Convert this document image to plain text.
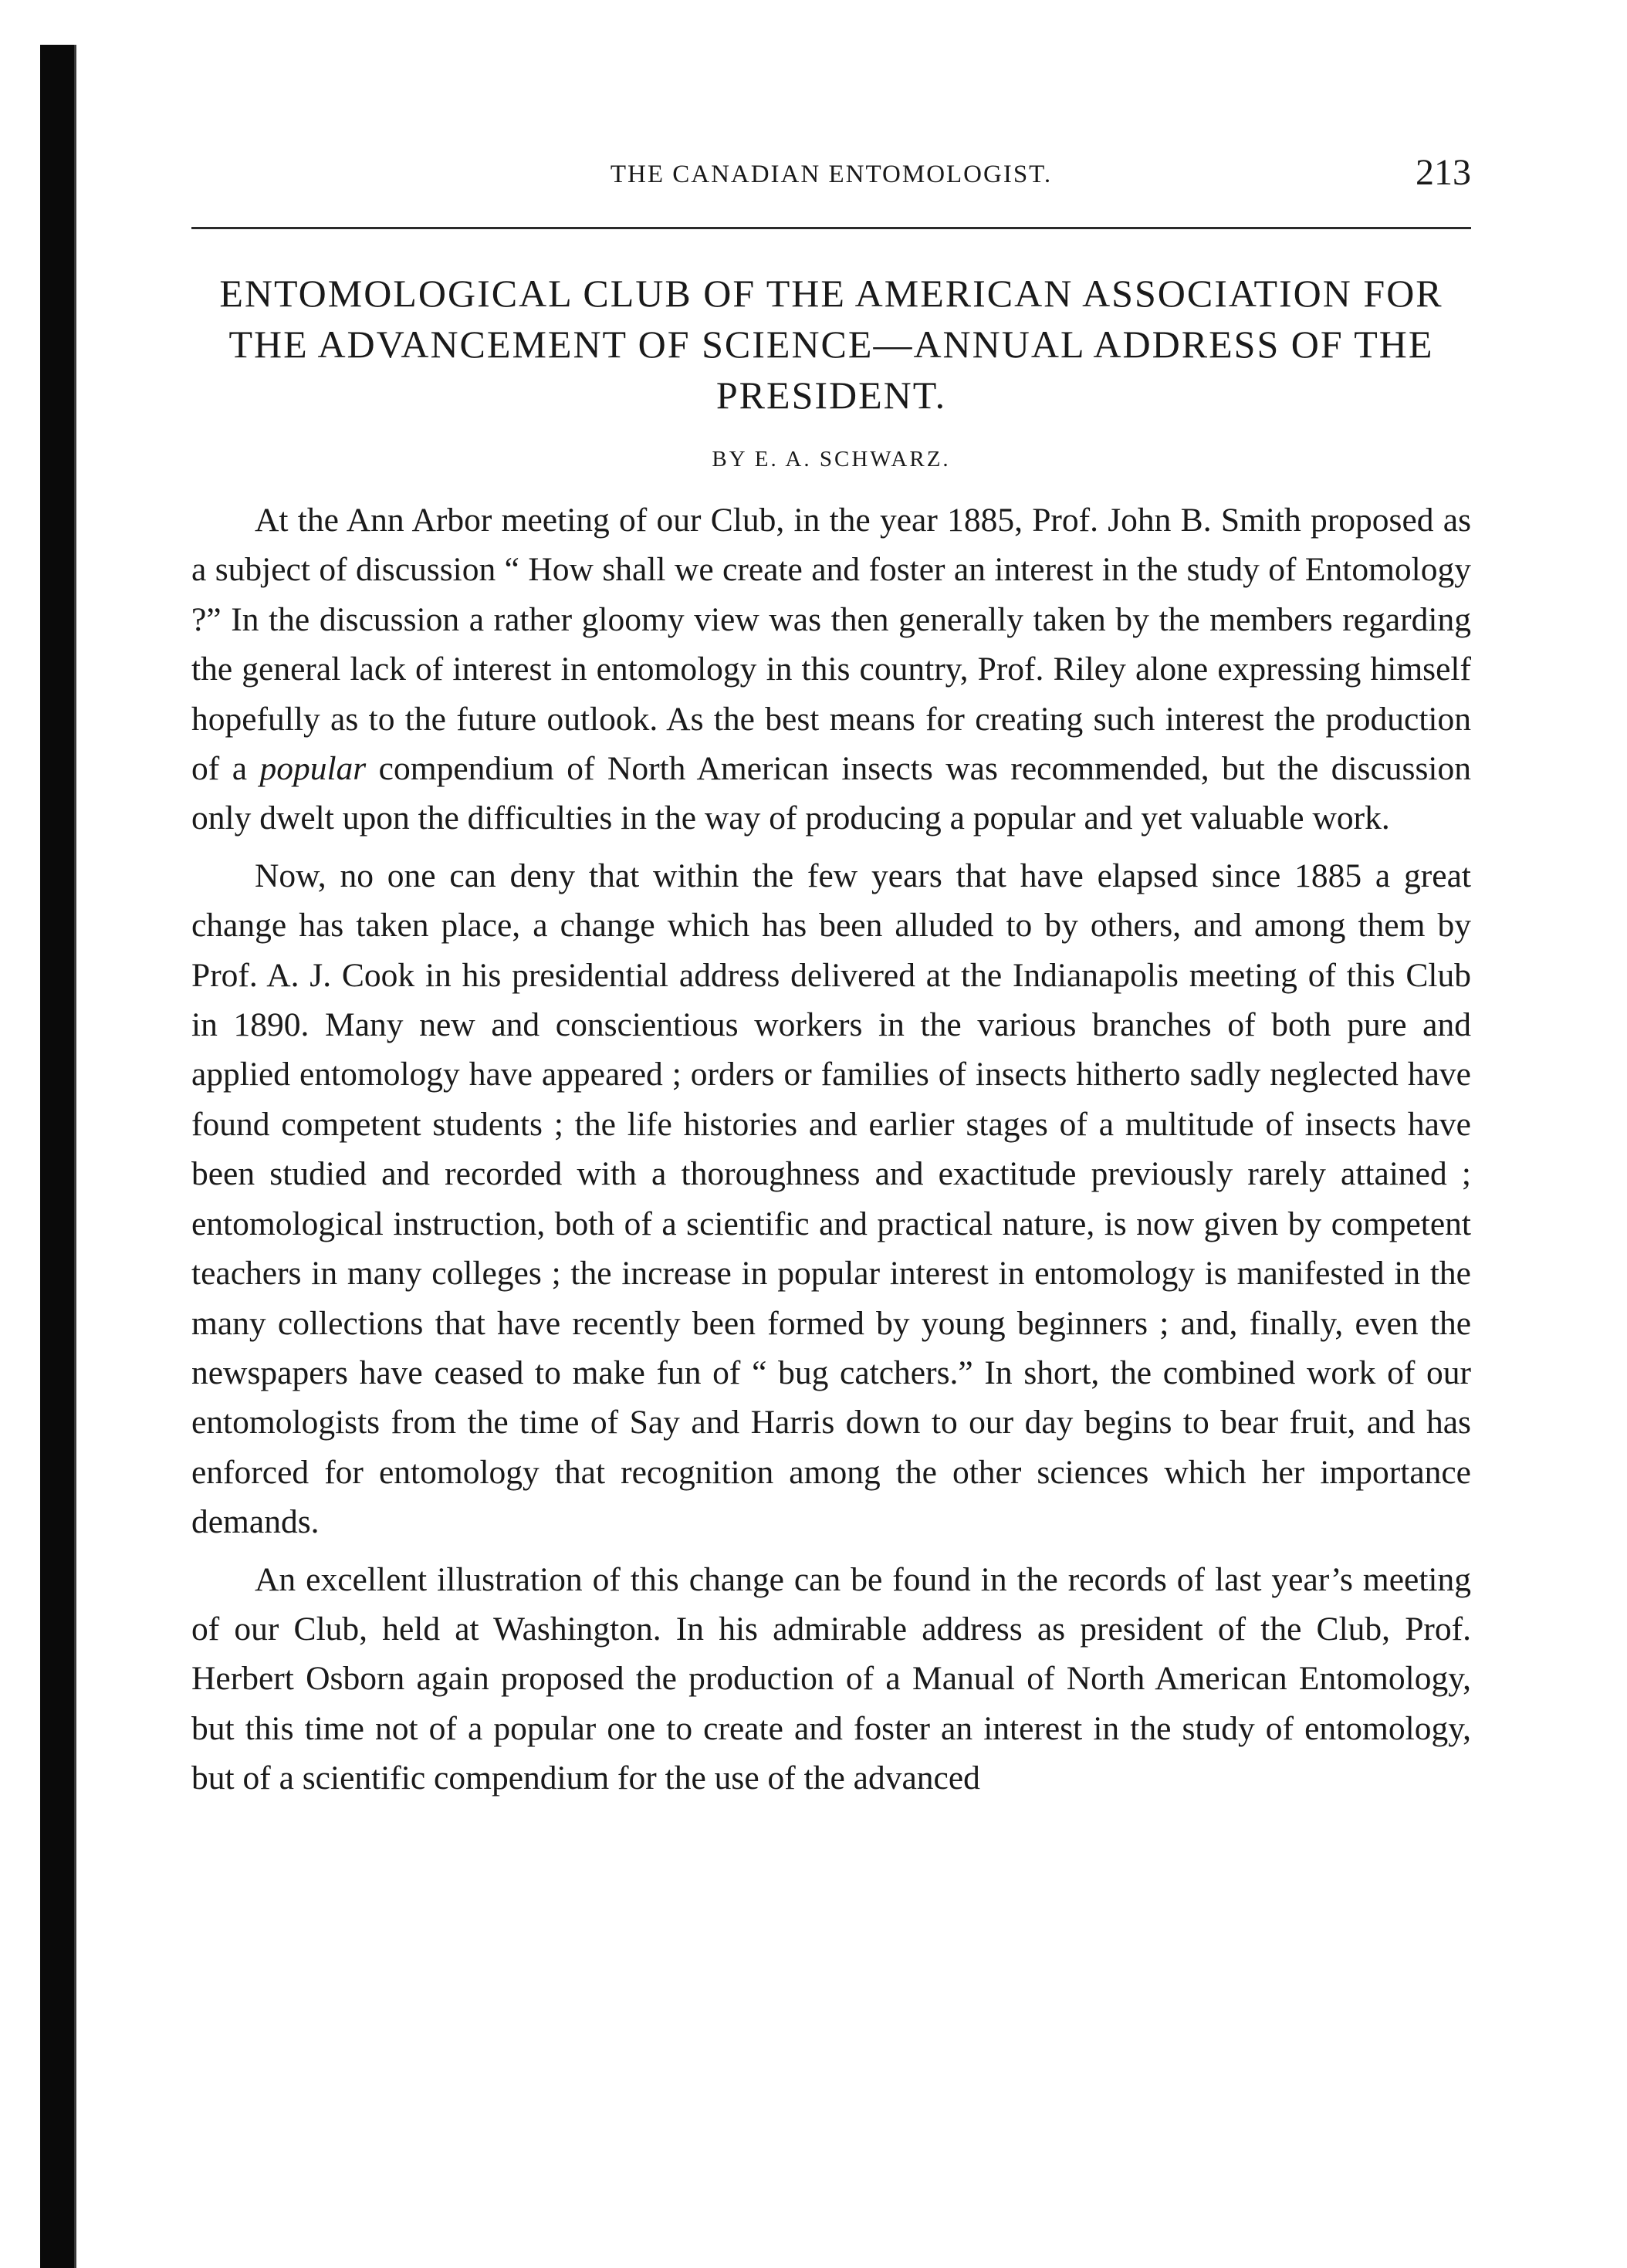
THE CANADIAN ENTOMOLOGIST.	213
ENTOMOLOGICAL CLUB OF THE AMERICAN ASSOCIATION FOR THE ADVANCEMENT OF SCIENCE—ANNUAL ADDRESS OF THE PRESIDENT.
BY E. A. SCHWARZ.

At the Ann Arbor meeting of our Club, in the year 1885, Prof. John B. Smith proposed as a subject of discussion “ How shall we create and foster an interest in the study of Entomology ?” In the discussion a rather gloomy view was then generally taken by the members regarding the general lack of interest in entomology in this country, Prof. Riley alone expressing himself hopefully as to the future outlook. As the best means for creating such interest the production of a popular compendium of North American insects was recommended, but the discussion only dwelt upon the difficulties in the way of producing a popular and yet valuable work.

Now, no one can deny that within the few years that have elapsed since 1885 a great change has taken place, a change which has been alluded to by others, and among them by Prof. A. J. Cook in his presidential address delivered at the Indianapolis meeting of this Club in 1890. Many new and conscientious workers in the various branches of both pure and applied entomology have appeared ; orders or families of insects hitherto sadly neglected have found competent students ; the life histories and earlier stages of a multitude of insects have been studied and recorded with a thoroughness and exactitude previously rarely attained ; entomological instruction, both of a scientific and practical nature, is now given by competent teachers in many colleges ; the increase in popular interest in entomology is manifested in the many collections that have recently been formed by young beginners ; and, finally, even the newspapers have ceased to make fun of “ bug catchers.” In short, the combined work of our entomologists from the time of Say and Harris down to our day begins to bear fruit, and has enforced for entomology that recognition among the other sciences which her importance demands.

An excellent illustration of this change can be found in the records of last year’s meeting of our Club, held at Washington. In his admirable address as president of the Club, Prof. Herbert Osborn again proposed the production of a Manual of North American Entomology, but this time not of a popular one to create and foster an interest in the study of entomology, but of a scientific compendium for the use of the advanced
